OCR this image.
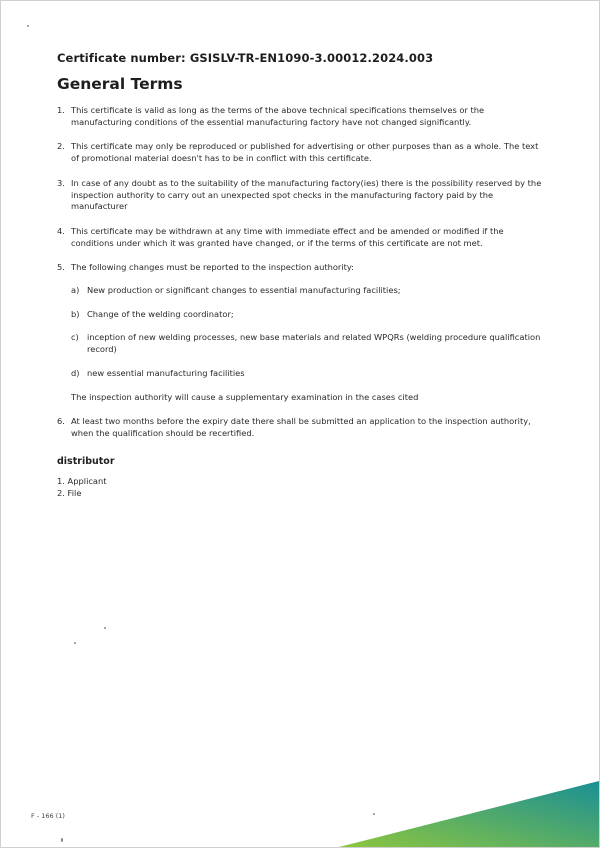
Certificate number: GSISLV-TR-EN1090-3.00012.2024.003
General Terms
1. This certificate is valid as long as the terms of the above technical specifications themselves or the manufacturing conditions of the essential manufacturing factory have not changed significantly.
2. This certificate may only be reproduced or published for advertising or other purposes than as a whole. The text of promotional material doesn't has to be in conflict with this certificate.
3. In case of any doubt as to the suitability of the manufacturing factory(ies) there is the possibility reserved by the inspection authority to carry out an unexpected spot checks in the manufacturing factory paid by the manufacturer
4. This certificate may be withdrawn at any time with immediate effect and be amended or modified if the conditions under which it was granted have changed, or if the terms of this certificate are not met.
5. The following changes must be reported to the inspection authority:
a) New production or significant changes to essential manufacturing facilities;
b) Change of the welding coordinator;
c) inception of new welding processes, new base materials and related WPQRs (welding procedure qualification record)
d) new essential manufacturing facilities
The inspection authority will cause a supplementary examination in the cases cited
6. At least two months before the expiry date there shall be submitted an application to the inspection authority, when the qualification should be recertified.
distributor
1. Applicant
2. File
F - 166 (1)
